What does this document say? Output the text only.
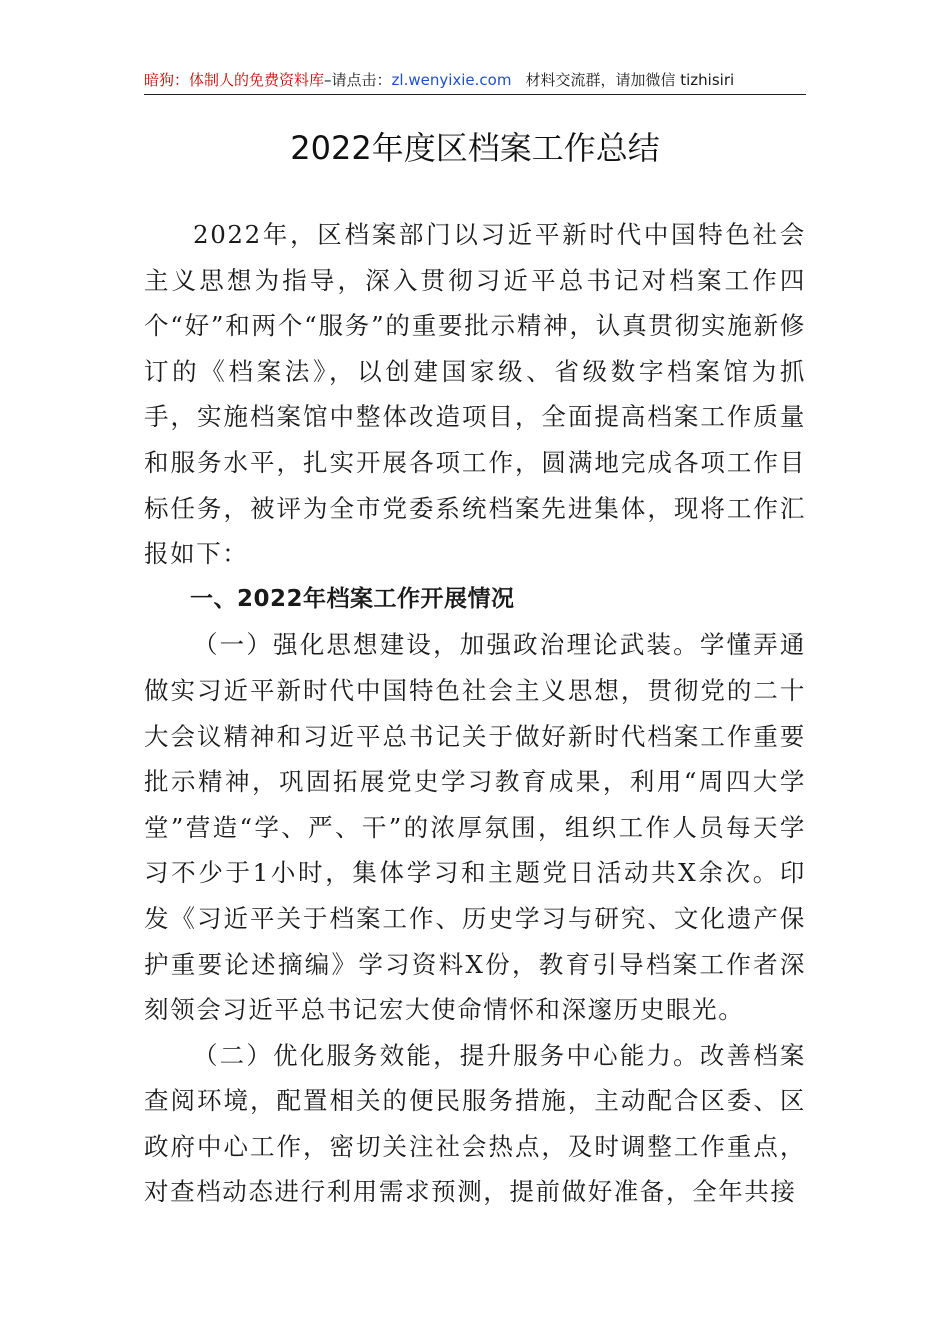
暗狗：体制人的免费资料库–请点击：zl.wenyixie.com 材料交流群，请加微信 tizhisiri
2022年度区档案工作总结

2022年，区档案部门以习近平新时代中国特色社会主义思想为指导，深入贯彻习近平总书记对档案工作四个“好”和两个“服务”的重要批示精神，认真贯彻实施新修订的《档案法》，以创建国家级、省级数字档案馆为抓手，实施档案馆中整体改造项目，全面提高档案工作质量和服务水平，扎实开展各项工作，圆满地完成各项工作目标任务，被评为全市党委系统档案先进集体，现将工作汇报如下：

一、2022年档案工作开展情况

（一）强化思想建设，加强政治理论武装。学懂弄通做实习近平新时代中国特色社会主义思想，贯彻党的二十大会议精神和习近平总书记关于做好新时代档案工作重要批示精神，巩固拓展党史学习教育成果，利用“周四大学堂”营造“学、严、干”的浓厚氛围，组织工作人员每天学习不少于1小时，集体学习和主题党日活动共X余次。印发《习近平关于档案工作、历史学习与研究、文化遗产保护重要论述摘编》学习资料X份，教育引导档案工作者深刻领会习近平总书记宏大使命情怀和深邃历史眼光。

（二）优化服务效能，提升服务中心能力。改善档案查阅环境，配置相关的便民服务措施，主动配合区委、区政府中心工作，密切关注社会热点，及时调整工作重点，对查档动态进行利用需求预测，提前做好准备，全年共接
